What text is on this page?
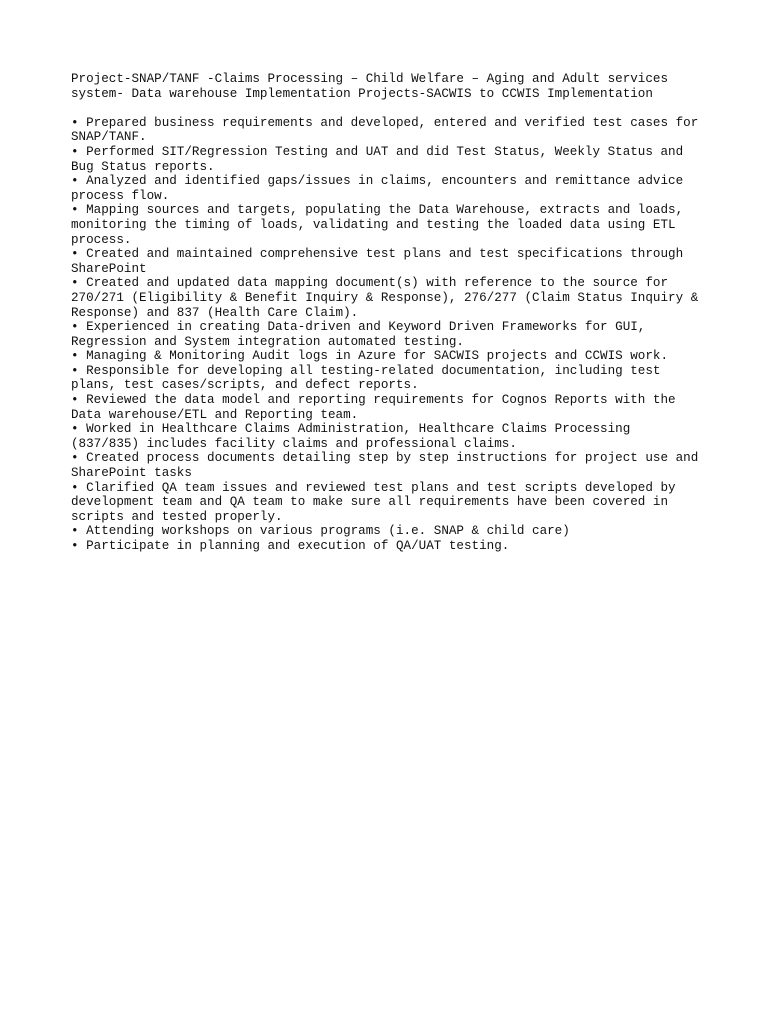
Project-SNAP/TANF -Claims Processing – Child Welfare – Aging and Adult services
system- Data warehouse Implementation Projects-SACWIS to CCWIS Implementation
• Prepared business requirements and developed, entered and verified test cases for
SNAP/TANF.
• Performed SIT/Regression Testing and UAT and did Test Status, Weekly Status and
Bug Status reports.
• Analyzed and identified gaps/issues in claims, encounters and remittance advice
process flow.
• Mapping sources and targets, populating the Data Warehouse, extracts and loads,
monitoring the timing of loads, validating and testing the loaded data using ETL
process.
• Created and maintained comprehensive test plans and test specifications through
SharePoint
• Created and updated data mapping document(s) with reference to the source for
270/271 (Eligibility & Benefit Inquiry & Response), 276/277 (Claim Status Inquiry &
Response) and 837 (Health Care Claim).
• Experienced in creating Data-driven and Keyword Driven Frameworks for GUI,
Regression and System integration automated testing.
• Managing & Monitoring Audit logs in Azure for SACWIS projects and CCWIS work.
• Responsible for developing all testing-related documentation, including test
plans, test cases/scripts, and defect reports.
• Reviewed the data model and reporting requirements for Cognos Reports with the
Data warehouse/ETL and Reporting team.
• Worked in Healthcare Claims Administration, Healthcare Claims Processing
(837/835) includes facility claims and professional claims.
• Created process documents detailing step by step instructions for project use and
SharePoint tasks
• Clarified QA team issues and reviewed test plans and test scripts developed by
development team and QA team to make sure all requirements have been covered in
scripts and tested properly.
• Attending workshops on various programs (i.e. SNAP & child care)
• Participate in planning and execution of QA/UAT testing.
